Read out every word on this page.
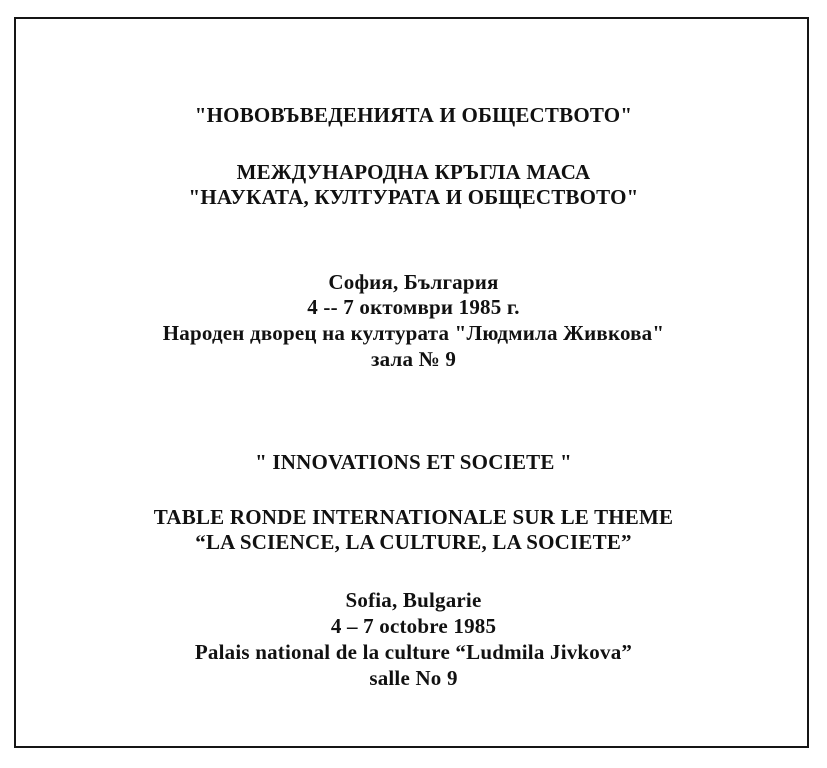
"НОВОВЪВЕДЕНИЯТА И ОБЩЕСТВОТО"
МЕЖДУНАРОДНА КРЪГЛА МАСА
"НАУКАТА, КУЛТУРАТА И ОБЩЕСТВОТО"
София, България
4 -- 7 октомври 1985 г.
Народен дворец на културата "Людмила Живкова"
зала № 9
" INNOVATIONS ET SOCIETE "
TABLE RONDE INTERNATIONALE SUR LE THEME
“LA SCIENCE, LA CULTURE, LA SOCIETE”
Sofia, Bulgarie
4 – 7 octobre 1985
Palais national de la culture “Ludmila Jivkova”
salle No 9
